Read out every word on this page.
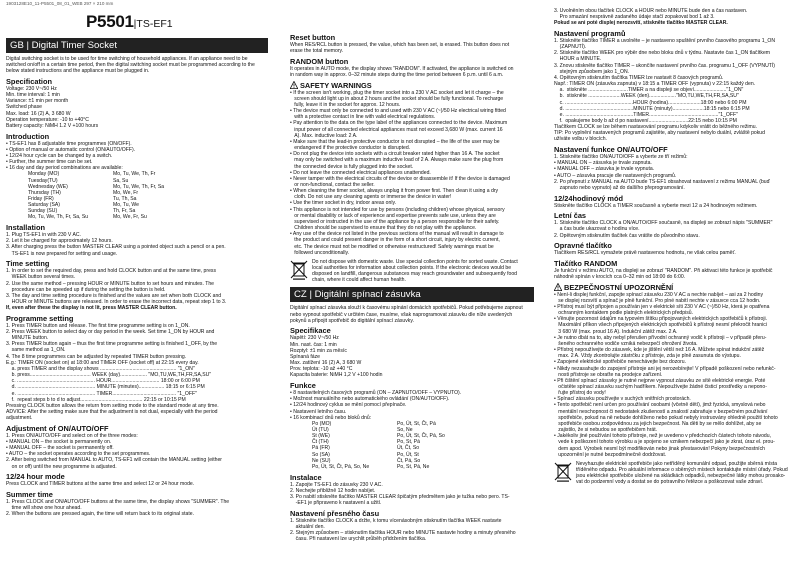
1903128E10_11-P5501_08_01_WEB 297 × 210 mm
P5501|TS-EF1
GB | Digital Timer Socket
Digital switching socket is to be used for time switching of household appliances. If an appliance need to be switched on/off in a certain time period, then the digital switching socket must be programmed according to the below stated instructions and the appliance must be plugged in.
Specification
Voltage: 230 V~/50 Hz
Min. time interval: 1 min
Variance: ±1 min per month
Switched phase
Max. load: 16 (2) A, 3 680 W
Operation temperature: -10 to +40°C
Battery capacity: NiMH 1.2 V +100 hours
Introduction
• TS-EF1 has 8 adjustable time programmes (ON/OFF).
• Option of manual or automatic control (ON/AUTO/OFF).
• 12/24 hour cycle can be changed by a switch.
• Further, the summer time can be set.
• 16 day and day period combinations are available:
Monday (MO)	Mo, Tu, We, Th, Fr
Tuesday(TU)	Sa, Su
Wednesday (WE)	Mo, Tu, We, Th, Fr, Sa
Thursday (TH)	Mo, We, Fr
Friday (FR)	Tu, Th, Sa
Saturday (SA)	Mo, Tu, We
Sunday (SU)	Th, Fr, Sa
Mo, Tu, We, Th, Fr, Sa, Su	Mo, We, Fr, Su
Installation
1. Plug TS-EF1 in with 230 V AC.
2. Let it be charged for approximately 12 hours.
3. After charging press the button MASTER CLEAR using a pointed object such a pencil or a pen.
TS-EF1 is now prepared for setting and usage.
Time setting
1. In order to set the required day, press and hold CLOCK button and at the same time, press
WEEK button several times.
2. Use the same method – pressing HOUR or MINUTE button to set hours and minutes. The
procedure can be speeded up if during the setting the button is held.
3. The day and time setting procedure is finished and the values are set when both CLOCK and
HOUR or MINUTE buttons are released. In order to erase the incorrect data, repeat step 1 to 3.
If, even after these the display is not lit, press MASTER CLEAR button.
Programme setting
1. Press TIMER button and release. The first time programme setting is on 1_ON.
2. Press WEEK button to select day or day period in the week. Set time 1_ON by HOUR and
MINUTE button.
3. Press TIMER button again – thus the first time programme setting is finished 1_OFF, by the
same method as 1_ON.
4. The 8 time programmes can be adjusted by repeated TIMER button pressing.
E.g.: TIMER ON (socket on) at 18:00 and TIMER OFF (socket off) at 22:15 every day.
a. press TIMER and the display shows ...................................................... "1_ON"
b. press........................................... WEEK (day)................... "MO,TU,WE,TH,FR,SA,SU"
c. ....................................................... HOUR.................................. 18:00 or 6:00 PM
d. ....................................................... MINUTE (minutes).................. 18:15 or 6:15 PM
e. ....................................................... TIMER............................................. "1_OFF"
f.  repeat steps b to d to adjust............................................ 22:15 or 10:15 PM
Pressing CLOCK button allows the return from setting mode to the standard mode at any time.
ADVICE: After the setting make sure that the adjustment is not dual, especially with the period
adjustment.
Adjustment of ON/AUTO/OFF
1. Press ON/AUTO/OFF and select on of the three modes:
• MANUAL ON – the socket is permanently on.
• MANUAL OFF – the socket is permanently off.
• AUTO – the socket operates according to the set programmes.
2. After being switched from MANUAL to AUTO, TS-EF1 will contain the MANUAL setting (either
on or off) until the new programme is adjusted.
12/24 hour mode
Press CLOCK and TIMER buttons at the same time and select 12 or 24 hour mode.
Summer time
1. Press CLOCK and ON/AUTO/OFF buttons at the same time, the display shows "SUMMER". The
time will show one hour ahead.
2. When the buttons are pressed again, the time will return back to its original state.
Reset button
When RES/RCL button is pressed, the value, which has been set, is erased. This button does not
erase the total memory.
RANDOM button
It operates in AUTO mode, the display shows "RANDOM". If activated, the appliance is switched on
in random way in approx. 0–32 minute steps during the time period between 6 p.m. until 6 a.m.
SAFETY WARNINGS
• If the screen isn't working, plug the timer socket into a 230 V AC socket and let it charge – the
screen should light up in about 2 hours and the socket should be fully functional. To recharge
fully, leave it in the socket for approx. 12 hours.
• The device must only be connected to and used with 230 V AC (~)/50 Hz electrical wiring fitted
with a protective contact in line with valid electrical regulations.
• Pay attention to the data on the type label of the appliances connected to the device. Maximum
input power of all connected electrical appliances must not exceed 3,680 W (max. current 16
A). Max. inductive load: 2 A.
• Make sure that the lead-in protective conductor is not disrupted – the life of the user may be
endangered if the protective conductor is disrupted.
• Do not plug the device into sockets with a circuit breaker rated higher than 16 A. The socket
may only be switched with a maximum inductive load of 2 A. Always make sure the plug from
the connected device is fully plugged into the socket.
• Do not leave the connected electrical appliances unattended.
• Never tamper with the electrical circuits of the device or disassemble it! If the device is damaged
or non-functional, contact the seller.
• When cleaning the timer socket, always unplug it from power first. Then clean it using a dry
cloth. Do not use any cleaning agents or immerse the device in water!
• Use the timer socket in dry, indoor areas only.
• This appliance is not intended for use by persons (including children) whose physical, sensory
or mental disability or lack of experience and expertise prevents safe use, unless they are
supervised or instructed in the use of the appliance by a person responsible for their safety.
Children should be supervised to ensure that they do not play with the appliance.
• Any use of the device not listed in the previous sections of the manual will result in damage to
the product and could present danger in the form of a short circuit, injury by electric current,
etc. The device must not be modified or otherwise restructured! Safety warnings must be
followed unconditionally.
Do not dispose with domestic waste. Use special collection points for sorted waste. Contact
local authorities for information about collection points. If the electronic devices would be
disposed on landfill, dangerous substances may reach groundwater and subsequently food
chain, where it could affect human health.
CZ | Digitální spínací zásuvka
Digitální spínací zásuvka slouží k časovému spínání domácích spotřebičů. Pokud potřebujeme zapnout
nebo vypnout spotřebič v určitém čase, musíme, však naprogramovat zásuvku dle níže uvedených
pokynů a připojit spotřebič do digitální spínací zásuvky.
Specifikace
Napětí: 230 V~/50 Hz
Min. nast. čas: 1 min
Rozptyl: ±1 min za měsíc
Spínaná fáze
Max. zatížení 16 (2) A, 3 680 W
Prov. teplota: -10 až +40 °C
Kapacita baterie: NiMH 1,2 V +100 hodin
Funkce
• 8 nastavitelných časových programů (ON – ZAPNUTO/OFF – VYPNUTO).
• Možnost manuálního nebo automatického ovládání (ON/AUTO/OFF).
• 12/24 hodinový cyklus se mění pomocí přepínače.
• Nastavení letního času.
• 16 kombinací dnů nebo bloků dnů:
Po (MO)	Po, Út, St, Čt, Pá
Út (TU)	So, Ne
St (WE)	Po, Út, St, Čt, Pá, So
Čt (TH)	Po, St, Pá
Pá (FR)	Út, Čt, So
So (SA)	Po, Út, St
Ne (SU)	Čt, Pá, So
Po, Út, St, Čt, Pá, So, Ne	Po, St, Pá, Ne
Instalace
1. Zapojte TS-EF1 do zásuvky 230 V AC.
2. Nechejte přibližně 12 hodin nabíjet.
3. Po nabití stiskněte tlačítko MASTER CLEAR špičatým předmětem jako je tužka nebo pero. TS-
-EF1 je připraveno k nastavení a užití.
Nastavení přesného času
1. Stiskněte tlačítko CLOCK a držte, k tomu vícenásobným stisknutím tlačítka WEEK nastavte
aktuální den.
2. Stejným způsobem – stisknutím tlačítka HOUR nebo MINUTE nastavte hodiny a minuty přesného
času. Při nastavení lze urychlit průběh přidržením tlačítka.
3. Uvolněním obou tlačítek CLOCK a HOUR nebo MINUTE bude den a čas nastaven.
Pro smazání nesprávně zadaného údaje stačí zopakovat bod 1 až 3.
Pokud se ani poté displej nerozsvítí, stiskněte tlačítko MASTER CLEAR.
Nastavení programů
1. Stiskněte tlačítko TIMER a uvolněte – je nastaveno spuštění prvního časového programu 1_ON
(ZAPNUTÍ).
2. Stiskněte tlačítko WEEK pro výběr dne nebo bloku dnů v týdnu. Nastavte čas 1_ON tlačítkem
HOUR a MINUTE.
3. Znovu stiskněte tlačítko TIMER – ukončíte nastavení prvního čas. programu 1_OFF (VYPNUTÍ)
stejným způsobem jako 1_ON.
4. Opětovným stisknutím tlačítka TIMER lze nastavit 8 časových programů.
Např.: TIMER ON (zásuvka zapnuta) v 18:15 a TIMER OFF (vypnuta) v 22:15 každý den.
a.  stiskněte ............................TIMER a na displeji se objeví......................."1_ON"
b.  stiskněte .......................WEEK (den)..................."MO,TU,WE,TH,FR,SA,SU"
c. ................................................HOUR (hodina).......................18:00 nebo 6:00 PM
d. ................................................MINUTE (minuty)......................18:15 nebo 6:15 PM
e. ................................................TIMER................................................."1_OFF"
f.  opakujeme body b až d po nastavení............................22:15 nebo 10:15 PM
Tlačítkem CLOCK se lze během nastavování programu kdykoliv vrátit do běžného režimu.
TIP: Po vyplnění nastavených programů zajistěte, aby nastavení nebylo duální, zvláště pokud
užíváte volbu v blocích.
Nastavení funkce ON/AUTO/OFF
1. Stiskněte tlačítko ON/AUTO/OFF a vyberte ze tří režimů:
• MANUAL ON – zásuvka je trvale zapnuta.
• MANUAL OFF – zásuvka je trvale vypnuta.
• AUTO – zásuvka pracuje dle nastavených programů.
2. Po přepnutí z MANUAL na AUTO bude TS-EF1 obsahovat nastavení z režimu MANUAL (buď
zapnuto nebo vypnuto) až do dalšího přeprogramování.
12/24hodinový mód
Stiskněte tlačítko CLOCK a TIMER současně a vyberte mezi 12 a 24 hodinovým režimem.
Letní čas
1. Stiskněte tlačítko CLOCK a ON/AUTO/OFF současně, na displeji se zobrazí nápis "SUMMER"
a čas bude ukazovat o hodinu více.
2. Opětovným stisknutím tlačítek čas vrátíte do původního stavu.
Opravné tlačítko
Tlačítkem RES/RCL vymažete právě nastavenou hodnotu, ne však celou paměť.
Tlačítko RANDOM
Je funkční v režimu AUTO, na displeji se zobrazí "RANDOM". Při aktivaci této funkce je spotřebič
náhodně spínán v krocích cca 0–32 min od 18:00 do 6:00.
BEZPEČNOSTNÍ UPOZORNĚNÍ
• Není-li displej funkční, zapojte spínací zásuvku 230 V AC a nechte nabíjet – asi za 2 hodiny
se displej rozsvítí a spínač je plně funkční. Pro plné nabití nechte v zásuvce cca 12 hodin.
• Přístroj musí být připojen a používán jen v elektrické síti 230 V AC (~)/50 Hz, která je opatřena
ochranným kontaktem podle platných elektrických předpisů.
• Věnujte pozornost údajům na typovém štítku připojovaných elektrických spotřebičů k přístroji.
Maximální příkon všech připojených elektrických spotřebičů k přístroji nesmí překročit hranici
3 680 W (max. proud 16 A). Indukční zátěž max. 2 A.
• Je nutno dbát na to, aby nebyl přerušen přívodní ochranný vodič k přístroji – v případě přeru-
šeného ochranného vodiče vzniká nebezpečí ohrožení života.
• Přístroj nepoužívejte do zásuvek, kde je jištění větší než 16 A. Můžete spínat indukční zátěž
max. 2 A. Vždy zkontrolujte zástrčku z přístroje, zda je plně zasunuta do výstupu.
• Zapojené elektrické spotřebiče nenechávejte bez dozoru.
• Nikdy nezasahujte do zapojení přístroje ani jej nerozebírejte! V případě poškození nebo nefunkč-
nosti přístroje se obraťte na prodejce zařízení.
• Při čištění spínací zásuvky je nutné nejprve vypnout zásuvku ze sítě elektrické energie. Poté
očistěte spínací zásuvku suchým hadříkem. Nepoužívejte žádné čisticí prostředky a nepono-
řujte přístroj do vody!
• Spínací zásuvku používejte v suchých vnitřních prostorách.
• Tento spotřebič není určen pro používání osobami (včetně dětí), jimž fyzická, smyslová nebo
mentální neschopnost či nedostatek zkušeností a znalostí zabraňuje v bezpečném používání
spotřebiče, pokud na ně nebude dohlíženo nebo pokud nebyly instruovány ohledně použití tohoto
spotřebiče osobou zodpovědnou za jejich bezpečnost. Na děti by se mělo dohlížet, aby se
zajistilo, že si nebudou se spotřebičem hrát.
• Jakékoliv jiné používání tohoto přístroje, než je uvedeno v předchozích částech tohoto návodu,
vede k poškození tohoto výrobku a je spojeno se vznikem nebezpečí jako je zkrat, úraz el. prou-
dem apod. Výrobek nesmí být modifikován nebo jinak přestavován! Pokyny bezpečnostních
upozornění je nutné bezpodmínečně dodržovat.
Nevyhazujte elektrické spotřebiče jako netříděný komunální odpad, použijte sběrná místa
tříděného odpadu. Pro aktuální informace o sběrných místech kontaktujte místní úřady. Pokud
jsou elektrické spotřebiče uložené na skládkách odpadků, nebezpečné látky mohou prosako-
vat do podzemní vody a dostat se do potravního řetězce a poškozovat vaše zdraví.
